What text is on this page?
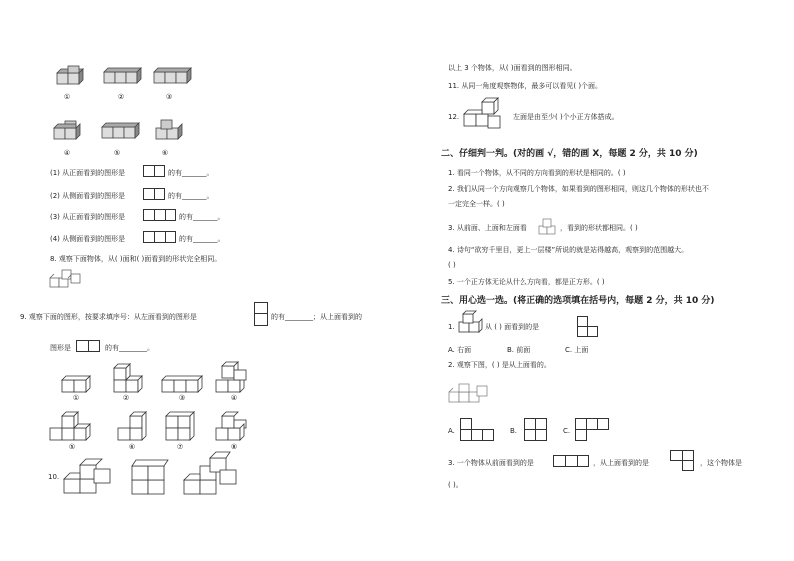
①	②	③
④	⑤	⑥
(1) 从正面看到的图形是	的有_______。
(2) 从侧面看到的图形是	的有_______。
(3) 从正面看到的图形是	的有_______。
(4) 从侧面看到的图形是	的有_______。
8. 观察下面物体，从( )面和( )面看到的形状完全相同。
9. 观察下面的图形，按要求填序号：从左面看到的图形是	的有________；从上面看到的
图形是	的有________。
①	②	③	④
⑤	⑥	⑦	⑧
10.
以上 3 个物体，从( )面看到的图形相同。
11. 从同一角度观察物体，最多可以看见( )个面。
12.	左面是由至少( )个小正方体搭成。
二、仔细判一判。(对的画 √，错的画 X，每题 2 分，共 10 分)
1. 看同一个物体，从不同的方向看到的形状是相同的。( )
2. 我们从同一个方向观察几个物体，如果看到的图形相同，则这几个物体的形状也不
一定完全一样。( )
3. 从前面、上面和左面看	，看到的形状都相同。( )
4. 诗句“欲穷千里目，更上一层楼”所说的就是站得越高，观察到的范围越大。
( )
5. 一个正方体无论从什么方向看，都是正方形。( )
三、用心选一选。(将正确的选项填在括号内，每题 2 分，共 10 分)
1.	从 ( ) 面看到的是
A. 右面	B. 前面	C. 上面
2. 观察下图，( ) 是从上面看的。
A.	B.	C.
3. 一个物体从前面看到的是	，从上面看到的是	，这个物体是
( )。
